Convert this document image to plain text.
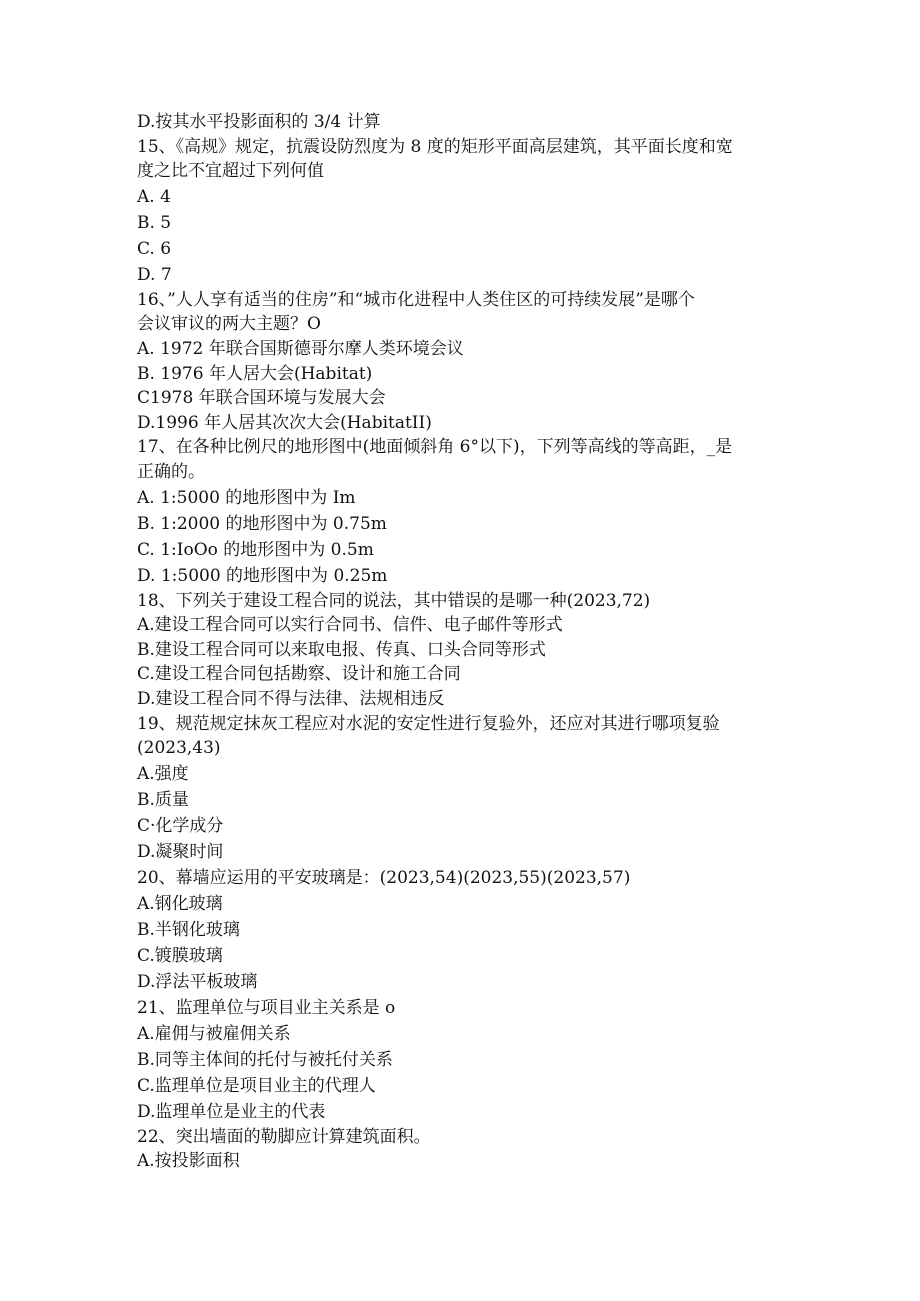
D.按其水平投影面积的 3/4 计算

15、《高规》规定，抗震设防烈度为 8 度的矩形平面高层建筑，其平面长度和宽

度之比不宜超过下列何值

A. 4

B. 5

C. 6

D. 7

16、”人人享有适当的住房”和“城市化进程中人类住区的可持续发展”是哪个

会议审议的两大主题？O

A. 1972 年联合国斯德哥尔摩人类环境会议

B. 1976 年人居大会(Habitat)

C1978 年联合国环境与发展大会

D.1996 年人居其次次大会(HabitatII)

17、在各种比例尺的地形图中(地面倾斜角 6°以下)，下列等高线的等高距，_是

正确的。

A. 1:5000 的地形图中为 Im

B. 1:2000 的地形图中为 0.75m

C. 1:IoOo 的地形图中为 0.5m

D. 1:5000 的地形图中为 0.25m

18、下列关于建设工程合同的说法，其中错误的是哪一种(2023,72)

A.建设工程合同可以实行合同书、信件、电子邮件等形式

B.建设工程合同可以来取电报、传真、口头合同等形式

C.建设工程合同包括勘察、设计和施工合同

D.建设工程合同不得与法律、法规相违反

19、规范规定抹灰工程应对水泥的安定性进行复验外，还应对其进行哪项复验

(2023,43)

A.强度

B.质量

C·化学成分

D.凝聚时间

20、幕墙应运用的平安玻璃是：(2023,54)(2023,55)(2023,57)

A.钢化玻璃

B.半钢化玻璃

C.镀膜玻璃

D.浮法平板玻璃

21、监理单位与项目业主关系是 o

A.雇佣与被雇佣关系

B.同等主体间的托付与被托付关系

C.监理单位是项目业主的代理人

D.监理单位是业主的代表

22、突出墙面的勒脚应计算建筑面积。

A.按投影面积
